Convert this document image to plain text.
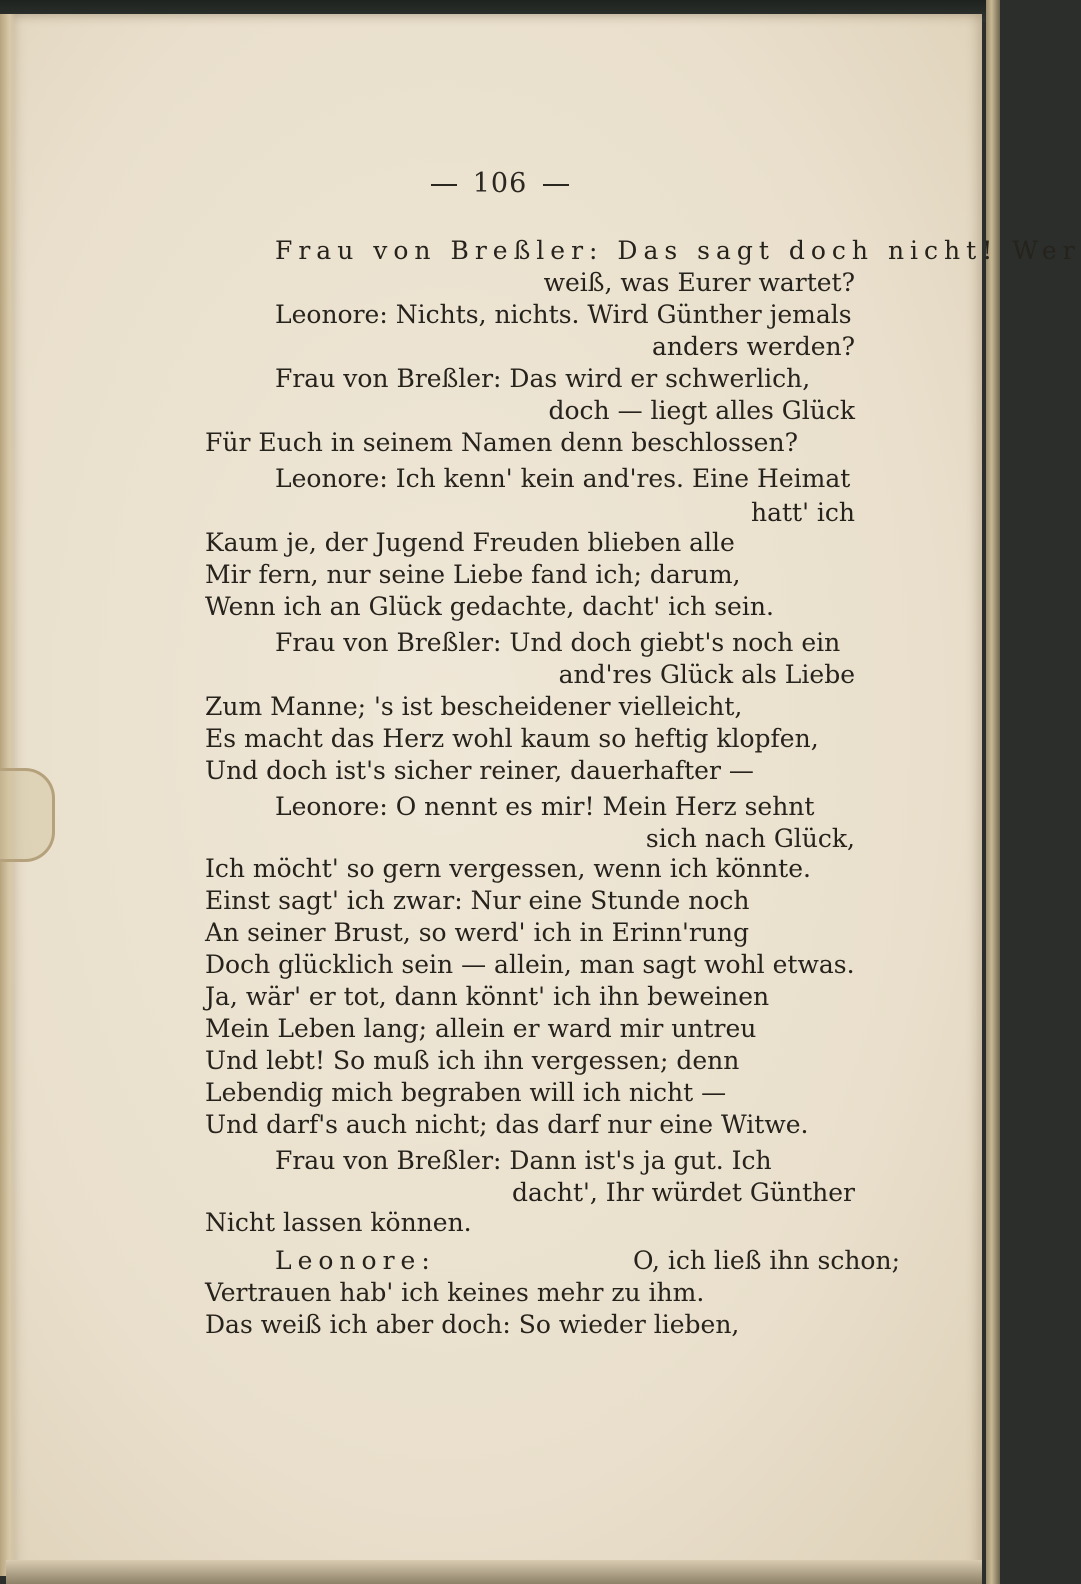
106
Frau von Breßler: Das sagt doch nicht! Wer
weiß, was Eurer wartet?
Leonore: Nichts, nichts. Wird Günther jemals
anders werden?
Frau von Breßler: Das wird er schwerlich,
doch — liegt alles Glück
Für Euch in seinem Namen denn beschlossen?
Leonore: Ich kenn' kein and'res. Eine Heimat
hatt' ich
Kaum je, der Jugend Freuden blieben alle
Mir fern, nur seine Liebe fand ich; darum,
Wenn ich an Glück gedachte, dacht' ich sein.
Frau von Breßler: Und doch giebt's noch ein
and'res Glück als Liebe
Zum Manne; 's ist bescheidener vielleicht,
Es macht das Herz wohl kaum so heftig klopfen,
Und doch ist's sicher reiner, dauerhafter —
Leonore: O nennt es mir! Mein Herz sehnt
sich nach Glück,
Ich möcht' so gern vergessen, wenn ich könnte.
Einst sagt' ich zwar: Nur eine Stunde noch
An seiner Brust, so werd' ich in Erinn'rung
Doch glücklich sein — allein, man sagt wohl etwas.
Ja, wär' er tot, dann könnt' ich ihn beweinen
Mein Leben lang; allein er ward mir untreu
Und lebt! So muß ich ihn vergessen; denn
Lebendig mich begraben will ich nicht —
Und darf's auch nicht; das darf nur eine Witwe.
Frau von Breßler: Dann ist's ja gut. Ich
dacht', Ihr würdet Günther
Nicht lassen können.
Leonore:	O, ich ließ ihn schon;
Vertrauen hab' ich keines mehr zu ihm.
Das weiß ich aber doch: So wieder lieben,
